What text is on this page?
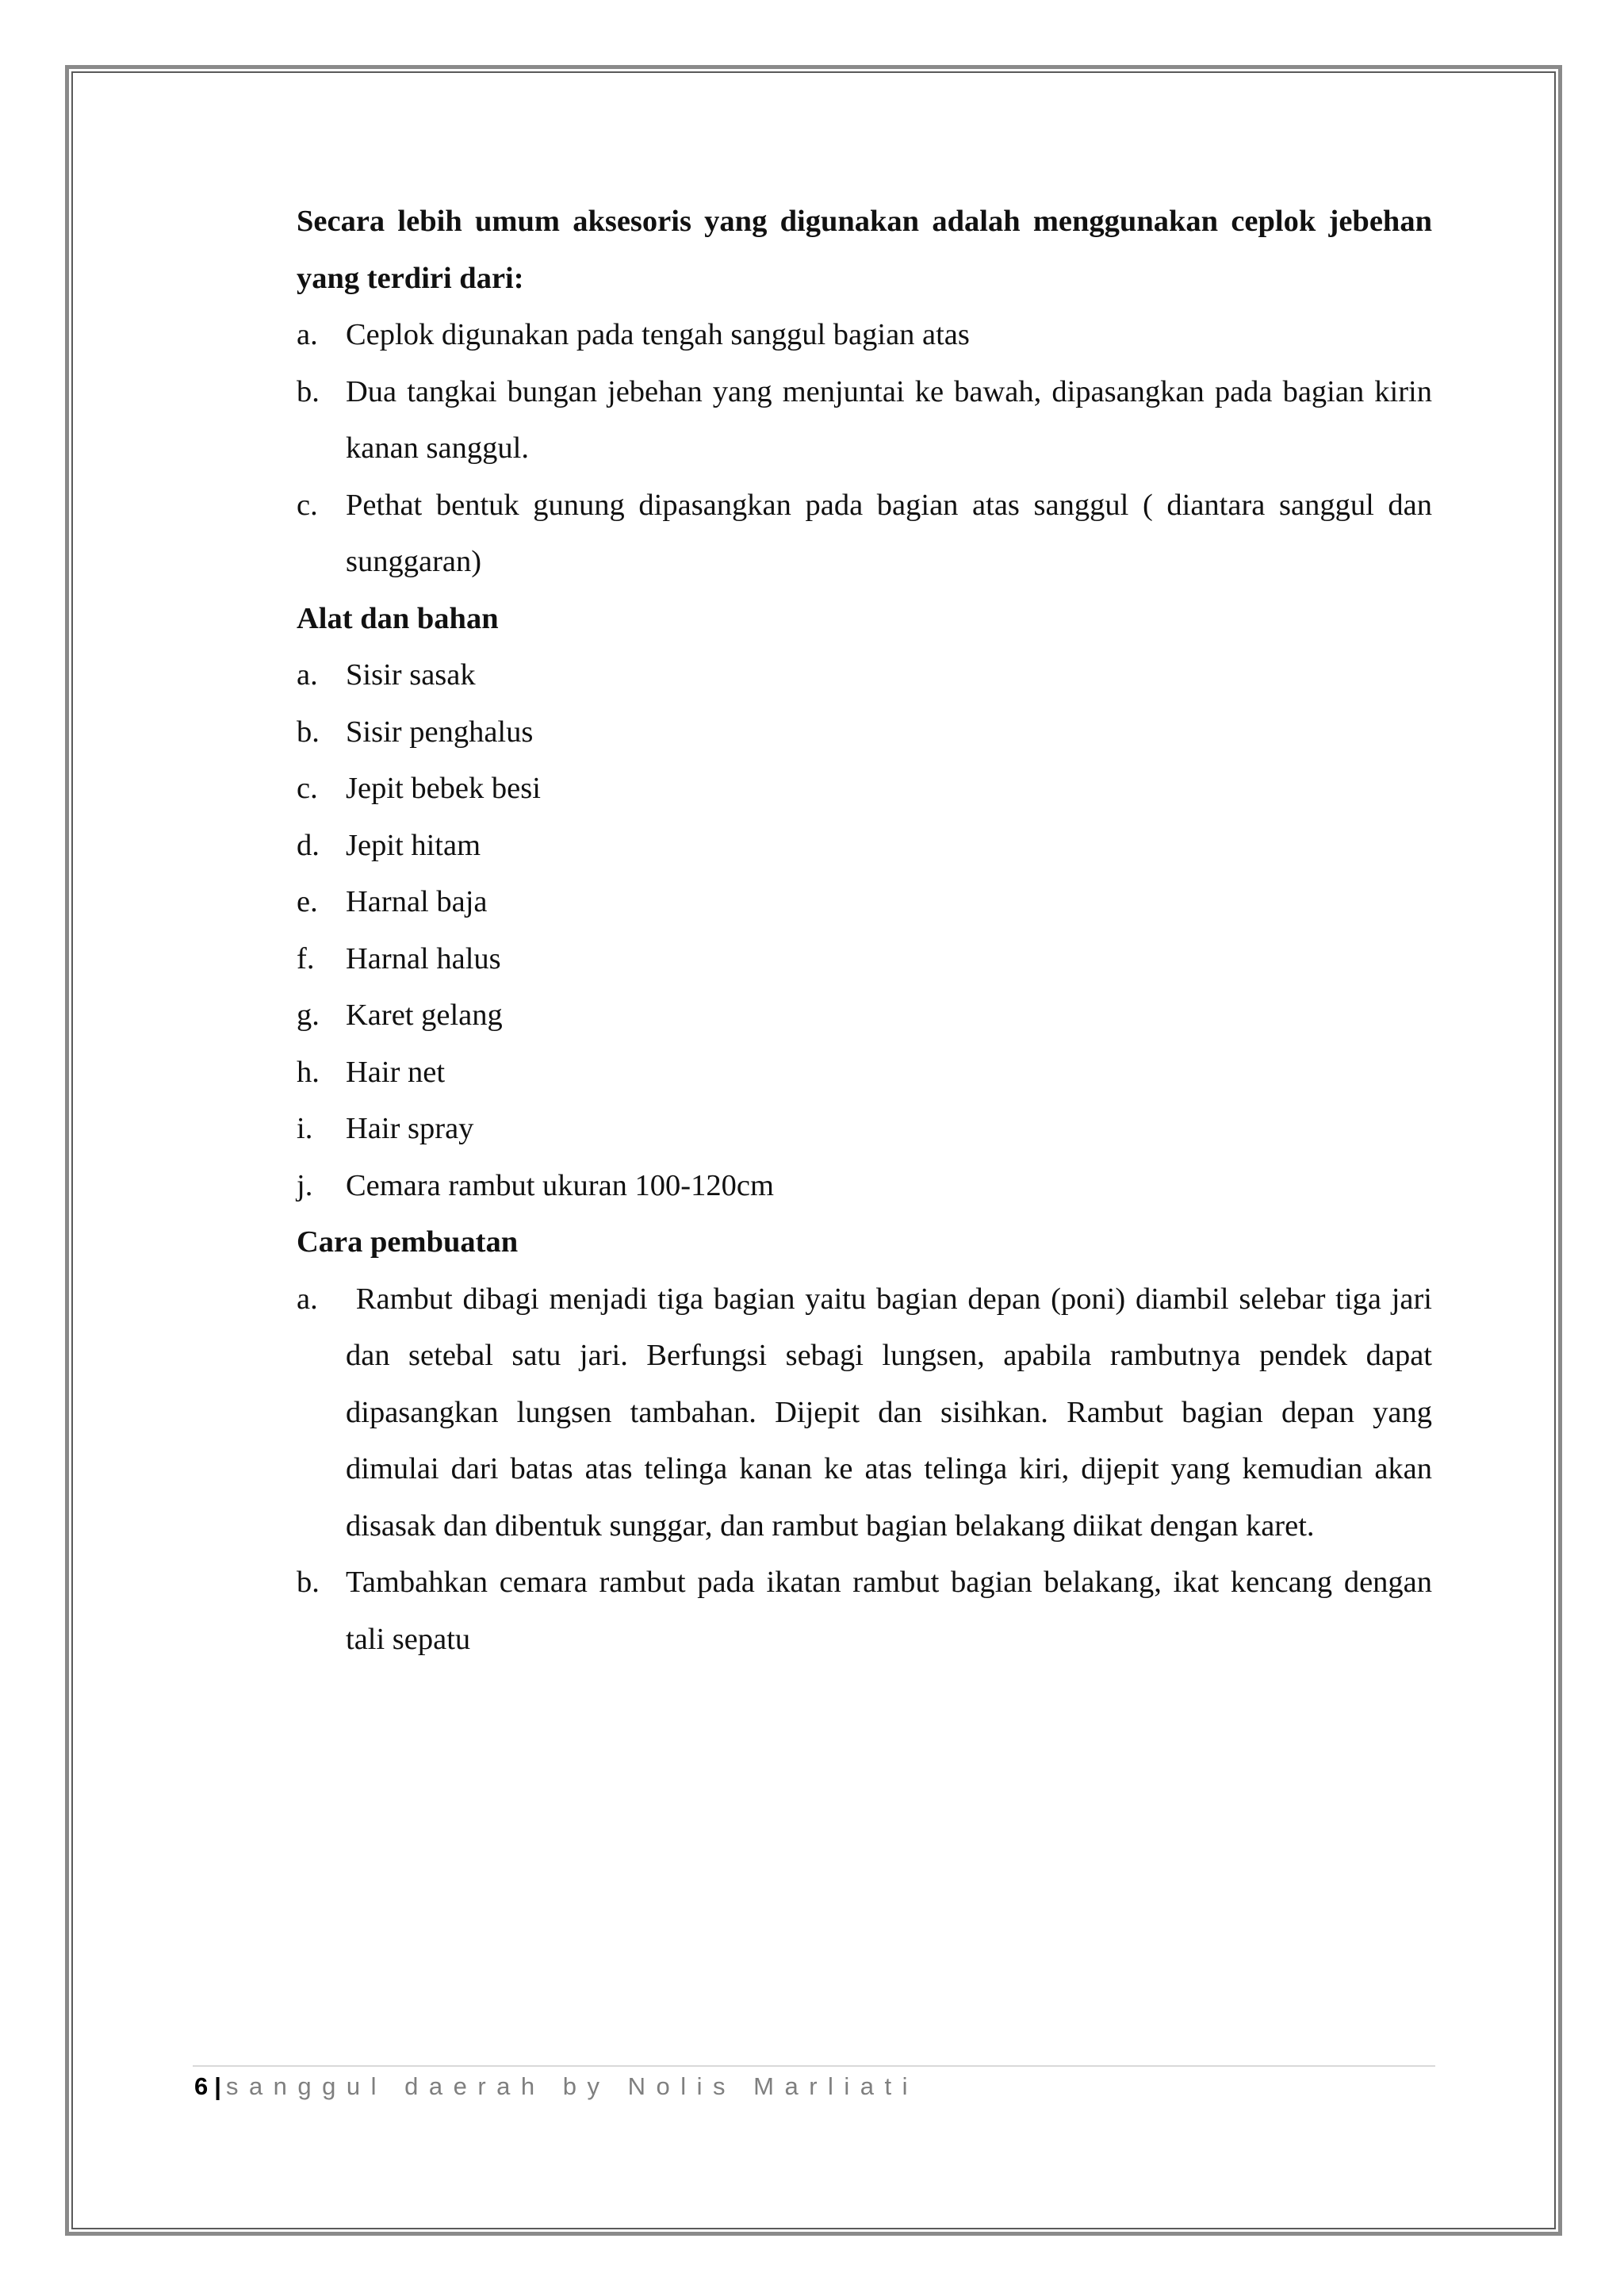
Secara lebih umum aksesoris yang digunakan adalah menggunakan ceplok jebehan yang terdiri dari:

a. Ceplok digunakan pada tengah sanggul bagian atas
b. Dua tangkai bungan jebehan yang menjuntai ke bawah, dipasangkan pada bagian kirin kanan sanggul.
c. Pethat bentuk gunung dipasangkan pada bagian atas sanggul ( diantara sanggul dan sunggaran)

Alat dan bahan

a. Sisir sasak
b. Sisir penghalus
c. Jepit bebek besi
d. Jepit hitam
e. Harnal baja
f.	Harnal halus
g. Karet gelang
h. Hair net
i.	Hair spray
j.	Cemara rambut ukuran 100-120cm

Cara pembuatan

a. Rambut dibagi menjadi tiga bagian yaitu bagian depan (poni) diambil selebar tiga jari dan setebal satu jari. Berfungsi sebagi lungsen, apabila rambutnya pendek dapat dipasangkan lungsen tambahan. Dijepit dan sisihkan. Rambut bagian depan yang dimulai dari batas atas telinga kanan ke atas telinga kiri, dijepit yang kemudian akan disasak dan dibentuk sunggar, dan rambut bagian belakang diikat dengan karet.
b. Tambahkan cemara rambut pada ikatan rambut bagian belakang, ikat kencang dengan tali sepatu
6 | sanggul daerah by Nolis Marliati
